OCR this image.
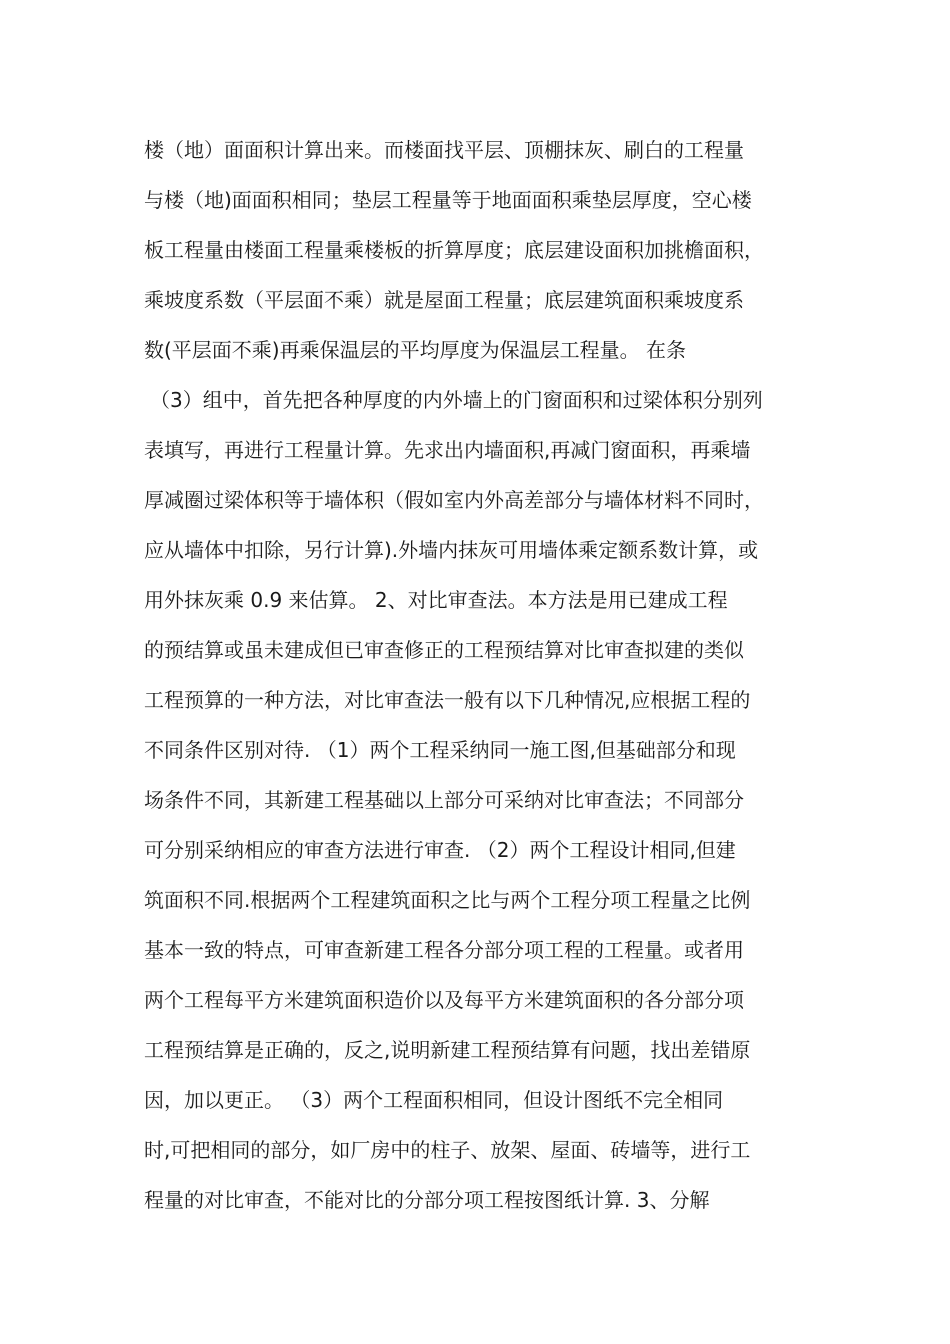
楼（地）面面积计算出来。而楼面找平层、顶棚抹灰、刷白的工程量
与楼（地)面面积相同；垫层工程量等于地面面积乘垫层厚度，空心楼
板工程量由楼面工程量乘楼板的折算厚度；底层建设面积加挑檐面积，
乘坡度系数（平层面不乘）就是屋面工程量；底层建筑面积乘坡度系
数(平层面不乘)再乘保温层的平均厚度为保温层工程量。 在条
（3）组中，首先把各种厚度的内外墙上的门窗面积和过梁体积分别列
表填写，再进行工程量计算。先求出内墙面积,再减门窗面积，再乘墙
厚减圈过梁体积等于墙体积（假如室内外高差部分与墙体材料不同时，
应从墙体中扣除，另行计算).外墙内抹灰可用墙体乘定额系数计算，或
用外抹灰乘 0.9 来估算。 2、对比审查法。本方法是用已建成工程
的预结算或虽未建成但已审查修正的工程预结算对比审查拟建的类似
工程预算的一种方法，对比审查法一般有以下几种情况,应根据工程的
不同条件区别对待. （1）两个工程采纳同一施工图,但基础部分和现
场条件不同，其新建工程基础以上部分可采纳对比审查法；不同部分
可分别采纳相应的审查方法进行审查. （2）两个工程设计相同,但建
筑面积不同.根据两个工程建筑面积之比与两个工程分项工程量之比例
基本一致的特点，可审查新建工程各分部分项工程的工程量。或者用
两个工程每平方米建筑面积造价以及每平方米建筑面积的各分部分项
工程预结算是正确的，反之,说明新建工程预结算有问题，找出差错原
因，加以更正。 （3）两个工程面积相同，但设计图纸不完全相同
时,可把相同的部分，如厂房中的柱子、放架、屋面、砖墙等，进行工
程量的对比审查，不能对比的分部分项工程按图纸计算. 3、分解
